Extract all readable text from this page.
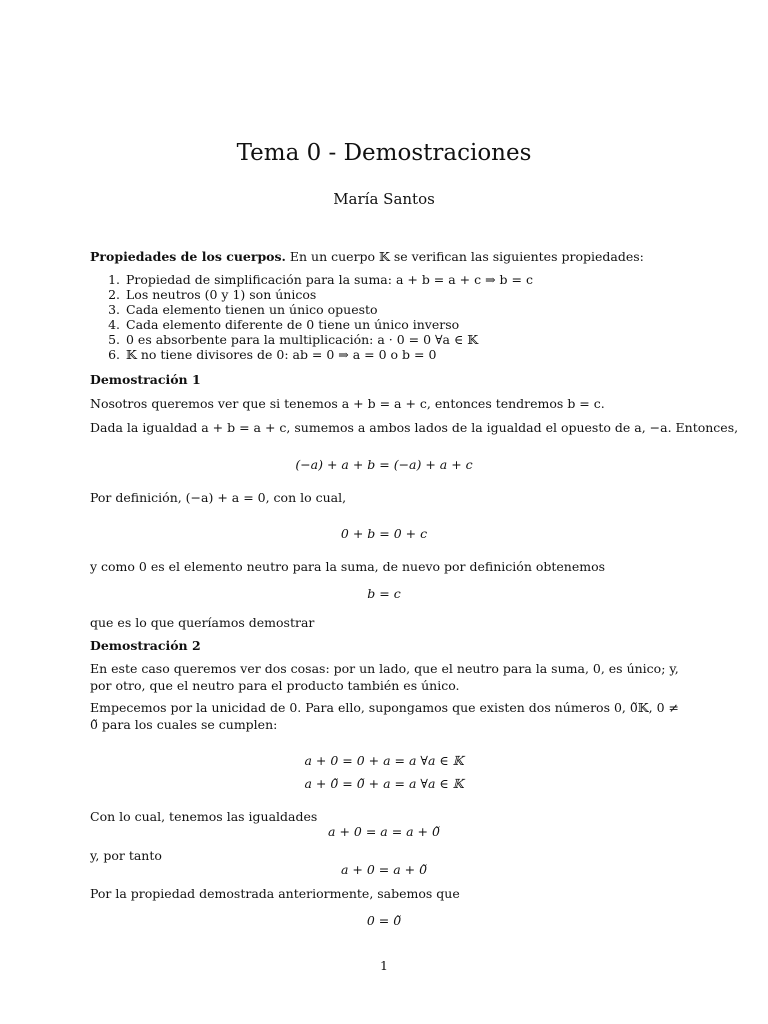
Tema 0 - Demostraciones
María Santos
Propiedades de los cuerpos. En un cuerpo 𝕂 se verifican las siguientes propiedades:
1. Propiedad de simplificación para la suma: a + b = a + c ⇒ b = c
2. Los neutros (0 y 1) son únicos
3. Cada elemento tienen un único opuesto
4. Cada elemento diferente de 0 tiene un único inverso
5. 0 es absorbente para la multiplicación: a · 0 = 0 ∀a ∈ 𝕂
6. 𝕂 no tiene divisores de 0: ab = 0 ⇒ a = 0 o b = 0
Demostración 1
Nosotros queremos ver que si tenemos a + b = a + c, entonces tendremos b = c.
Dada la igualdad a + b = a + c, sumemos a ambos lados de la igualdad el opuesto de a, −a. Entonces,
(−a) + a + b = (−a) + a + c
Por definición, (−a) + a = 0, con lo cual,
0 + b = 0 + c
y como 0 es el elemento neutro para la suma, de nuevo por definición obtenemos
b = c
que es lo que queríamos demostrar
Demostración 2
En este caso queremos ver dos cosas: por un lado, que el neutro para la suma, 0, es único; y, por otro, que el neutro para el producto también es único.
Empecemos por la unicidad de 0. Para ello, supongamos que existen dos números 0, 0̃𝕂, 0 ≠ 0̃ para los cuales se cumplen:
a + 0 = 0 + a = a ∀a ∈ 𝕂
a + 0̃ = 0̃ + a = a ∀a ∈ 𝕂
Con lo cual, tenemos las igualdades
a + 0 = a = a + 0̃
y, por tanto
a + 0 = a + 0̃
Por la propiedad demostrada anteriormente, sabemos que
0 = 0̃
1
